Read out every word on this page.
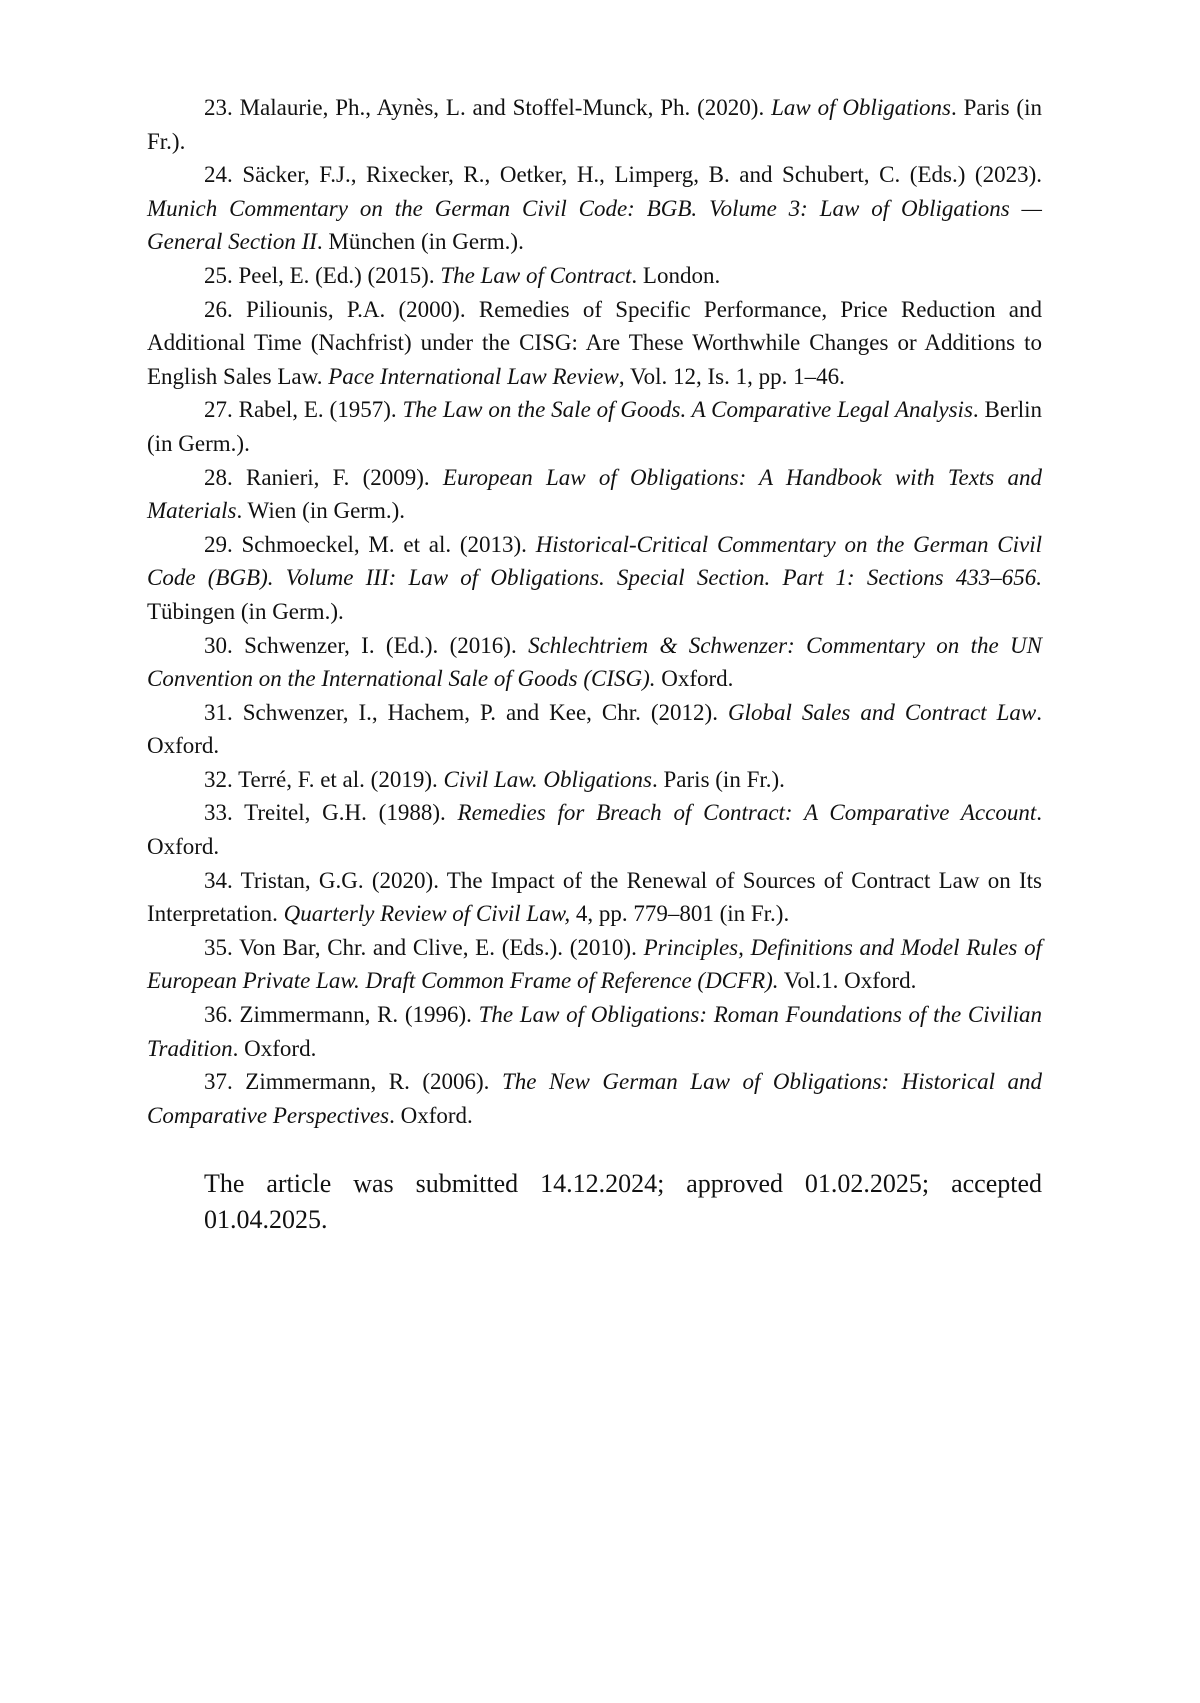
23. Malaurie, Ph., Aynès, L. and Stoffel-Munck, Ph. (2020). Law of Obligations. Paris (in Fr.).

24. Säcker, F.J., Rixecker, R., Oetker, H., Limperg, B. and Schubert, C. (Eds.) (2023). Munich Commentary on the German Civil Code: BGB. Volume 3: Law of Obligations — General Section II. München (in Germ.).

25. Peel, E. (Ed.) (2015). The Law of Contract. London.

26. Piliounis, P.A. (2000). Remedies of Specific Performance, Price Reduction and Additional Time (Nachfrist) under the CISG: Are These Worthwhile Changes or Additions to English Sales Law. Pace International Law Review, Vol. 12, Is. 1, pp. 1–46.

27. Rabel, E. (1957). The Law on the Sale of Goods. A Comparative Legal Analysis. Berlin (in Germ.).

28. Ranieri, F. (2009). European Law of Obligations: A Handbook with Texts and Materials. Wien (in Germ.).

29. Schmoeckel, M. et al. (2013). Historical-Critical Commentary on the German Civil Code (BGB). Volume III: Law of Obligations. Special Section. Part 1: Sections 433–656. Tübingen (in Germ.).

30. Schwenzer, I. (Ed.). (2016). Schlechtriem & Schwenzer: Commentary on the UN Convention on the International Sale of Goods (CISG). Oxford.

31. Schwenzer, I., Hachem, P. and Kee, Chr. (2012). Global Sales and Contract Law. Oxford.

32. Terré, F. et al. (2019). Civil Law. Obligations. Paris (in Fr.).

33. Treitel, G.H. (1988). Remedies for Breach of Contract: A Comparative Account. Oxford.

34. Tristan, G.G. (2020). The Impact of the Renewal of Sources of Contract Law on Its Interpretation. Quarterly Review of Civil Law, 4, pp. 779–801 (in Fr.).

35. Von Bar, Chr. and Clive, E. (Eds.). (2010). Principles, Definitions and Model Rules of European Private Law. Draft Common Frame of Reference (DCFR). Vol.1. Oxford.

36. Zimmermann, R. (1996). The Law of Obligations: Roman Foundations of the Civilian Tradition. Oxford.

37. Zimmermann, R. (2006). The New German Law of Obligations: Historical and Comparative Perspectives. Oxford.

The article was submitted 14.12.2024; approved 01.02.2025; accepted 01.04.2025.
